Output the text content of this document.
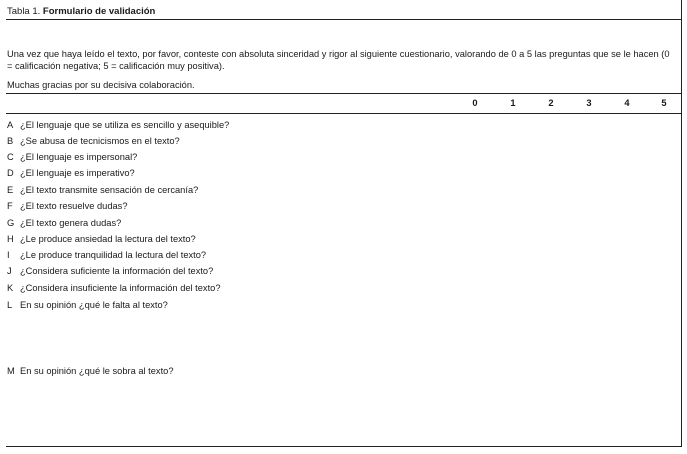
Tabla 1. Formulario de validación
Una vez que haya leído el texto, por favor, conteste con absoluta sinceridad y rigor al siguiente cuestionario, valorando de 0 a 5 las preguntas que se le hacen (0 = calificación negativa; 5 = calificación muy positiva).
Muchas gracias por su decisiva colaboración.
0	1	2	3	4	5
A ¿El lenguaje que se utiliza es sencillo y asequible?
B ¿Se abusa de tecnicismos en el texto?
C ¿El lenguaje es impersonal?
D ¿El lenguaje es imperativo?
E ¿El texto transmite sensación de cercanía?
F ¿El texto resuelve dudas?
G ¿El texto genera dudas?
H ¿Le produce ansiedad la lectura del texto?
I ¿Le produce tranquilidad la lectura del texto?
J ¿Considera suficiente la información del texto?
K ¿Considera insuficiente la información del texto?
L En su opinión ¿qué le falta al texto?
M En su opinión ¿qué le sobra al texto?
